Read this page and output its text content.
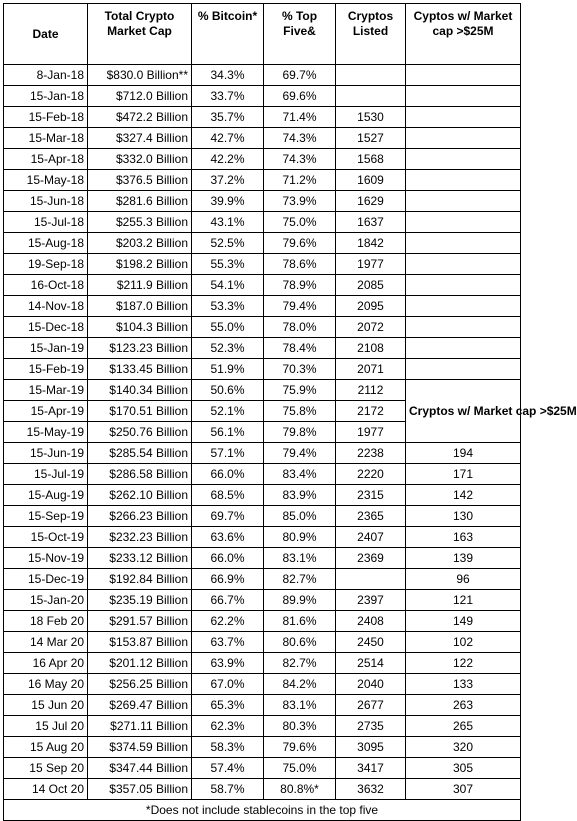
Date	Total Crypto Market Cap	% Bitcoin*	% Top Five&	Cryptos Listed	Cyptos w/ Market cap >$25M
8-Jan-18	$830.0 Billion**	34.3%	69.7%		
15-Jan-18	$712.0 Billion	33.7%	69.6%		
15-Feb-18	$472.2 Billion	35.7%	71.4%	1530	
15-Mar-18	$327.4 Billion	42.7%	74.3%	1527	
15-Apr-18	$332.0 Billion	42.2%	74.3%	1568	
15-May-18	$376.5 Billion	37.2%	71.2%	1609	
15-Jun-18	$281.6 Billion	39.9%	73.9%	1629	
15-Jul-18	$255.3 Billion	43.1%	75.0%	1637	
15-Aug-18	$203.2 Billion	52.5%	79.6%	1842	
19-Sep-18	$198.2 Billion	55.3%	78.6%	1977	
16-Oct-18	$211.9 Billion	54.1%	78.9%	2085	
14-Nov-18	$187.0 Billion	53.3%	79.4%	2095	
15-Dec-18	$104.3 Billion	55.0%	78.0%	2072	
15-Jan-19	$123.23 Billion	52.3%	78.4%	2108	
15-Feb-19	$133.45 Billion	51.9%	70.3%	2071	
15-Mar-19	$140.34 Billion	50.6%	75.9%	2112	Cryptos w/ Market cap >$25M
15-Apr-19	$170.51 Billion	52.1%	75.8%	2172	
15-May-19	$250.76 Billion	56.1%	79.8%	1977	
15-Jun-19	$285.54 Billion	57.1%	79.4%	2238	194
15-Jul-19	$286.58 Billion	66.0%	83.4%	2220	171
15-Aug-19	$262.10 Billion	68.5%	83.9%	2315	142
15-Sep-19	$266.23 Billion	69.7%	85.0%	2365	130
15-Oct-19	$232.23 Billion	63.6%	80.9%	2407	163
15-Nov-19	$233.12 Billion	66.0%	83.1%	2369	139
15-Dec-19	$192.84 Billion	66.9%	82.7%		96
15-Jan-20	$235.19 Billion	66.7%	89.9%	2397	121
18 Feb 20	$291.57 Billion	62.2%	81.6%	2408	149
14 Mar 20	$153.87 Billion	63.7%	80.6%	2450	102
16 Apr 20	$201.12 Billion	63.9%	82.7%	2514	122
16 May 20	$256.25 Billion	67.0%	84.2%	2040	133
15 Jun 20	$269.47 Billion	65.3%	83.1%	2677	263
15 Jul 20	$271.11 Billion	62.3%	80.3%	2735	265
15 Aug 20	$374.59 Billion	58.3%	79.6%	3095	320
15 Sep 20	$347.44 Billion	57.4%	75.0%	3417	305
14 Oct 20	$357.05 Billion	58.7%	80.8%*	3632	307
*Does not include stablecoins in the top five					
